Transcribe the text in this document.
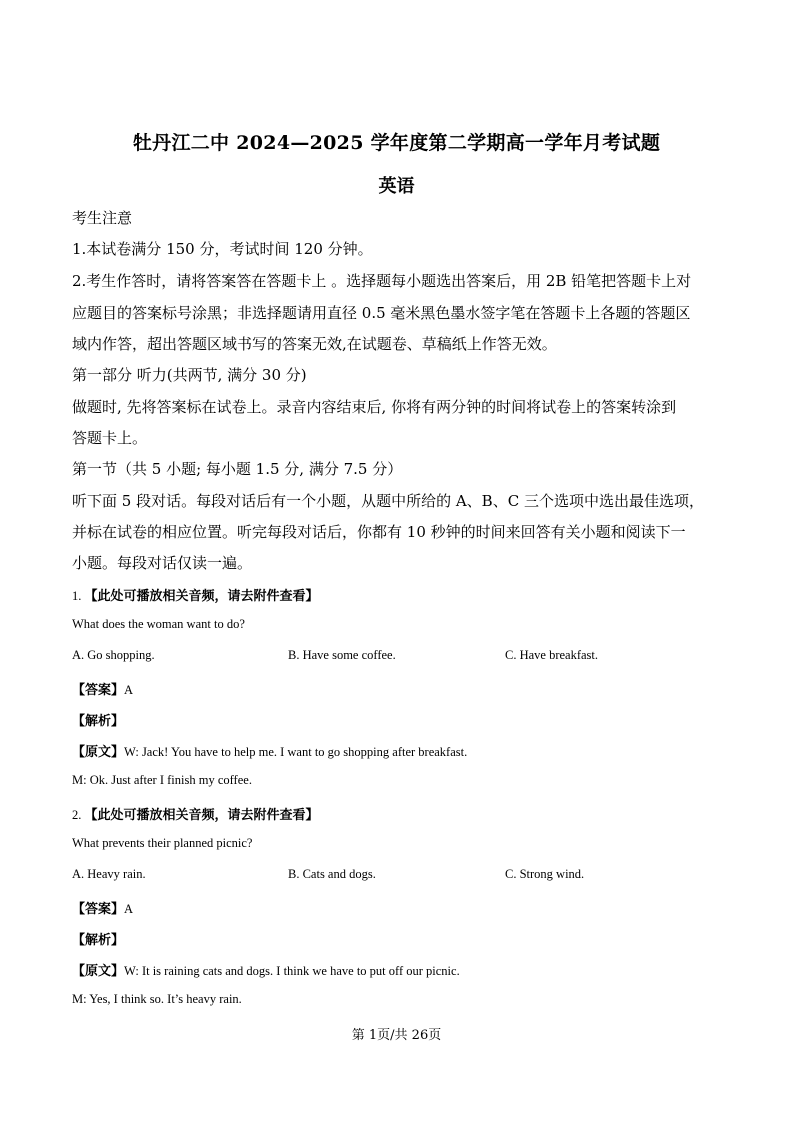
牡丹江二中 2024—2025 学年度第二学期高一学年月考试题
英语
考生注意
1.本试卷满分 150 分，考试时间 120 分钟。
2.考生作答时，请将答案答在答题卡上 。选择题每小题选出答案后，用 2B 铅笔把答题卡上对
应题目的答案标号涂黑；非选择题请用直径 0.5 毫米黑色墨水签字笔在答题卡上各题的答题区
域内作答，超出答题区域书写的答案无效,在试题卷、草稿纸上作答无效。
第一部分 听力(共两节, 满分 30 分)
做题时, 先将答案标在试卷上。录音内容结束后, 你将有两分钟的时间将试卷上的答案转涂到
答题卡上。
第一节（共 5 小题; 每小题 1.5 分, 满分 7.5 分）
听下面 5 段对话。每段对话后有一个小题，从题中所给的 A、B、C 三个选项中选出最佳选项，
并标在试卷的相应位置。听完每段对话后，你都有 10 秒钟的时间来回答有关小题和阅读下一
小题。每段对话仅读一遍。
1. 【此处可播放相关音频，请去附件查看】
What does the woman want to do?
A. Go shopping.	B. Have some coffee.	C. Have breakfast.
【答案】A
【解析】
【原文】W: Jack! You have to help me. I want to go shopping after breakfast.
M: Ok. Just after I finish my coffee.
2. 【此处可播放相关音频，请去附件查看】
What prevents their planned picnic?
A. Heavy rain.	B. Cats and dogs.	C. Strong wind.
【答案】A
【解析】
【原文】W: It is raining cats and dogs. I think we have to put off our picnic.
M: Yes, I think so. It’s heavy rain.
第 1页/共 26页
